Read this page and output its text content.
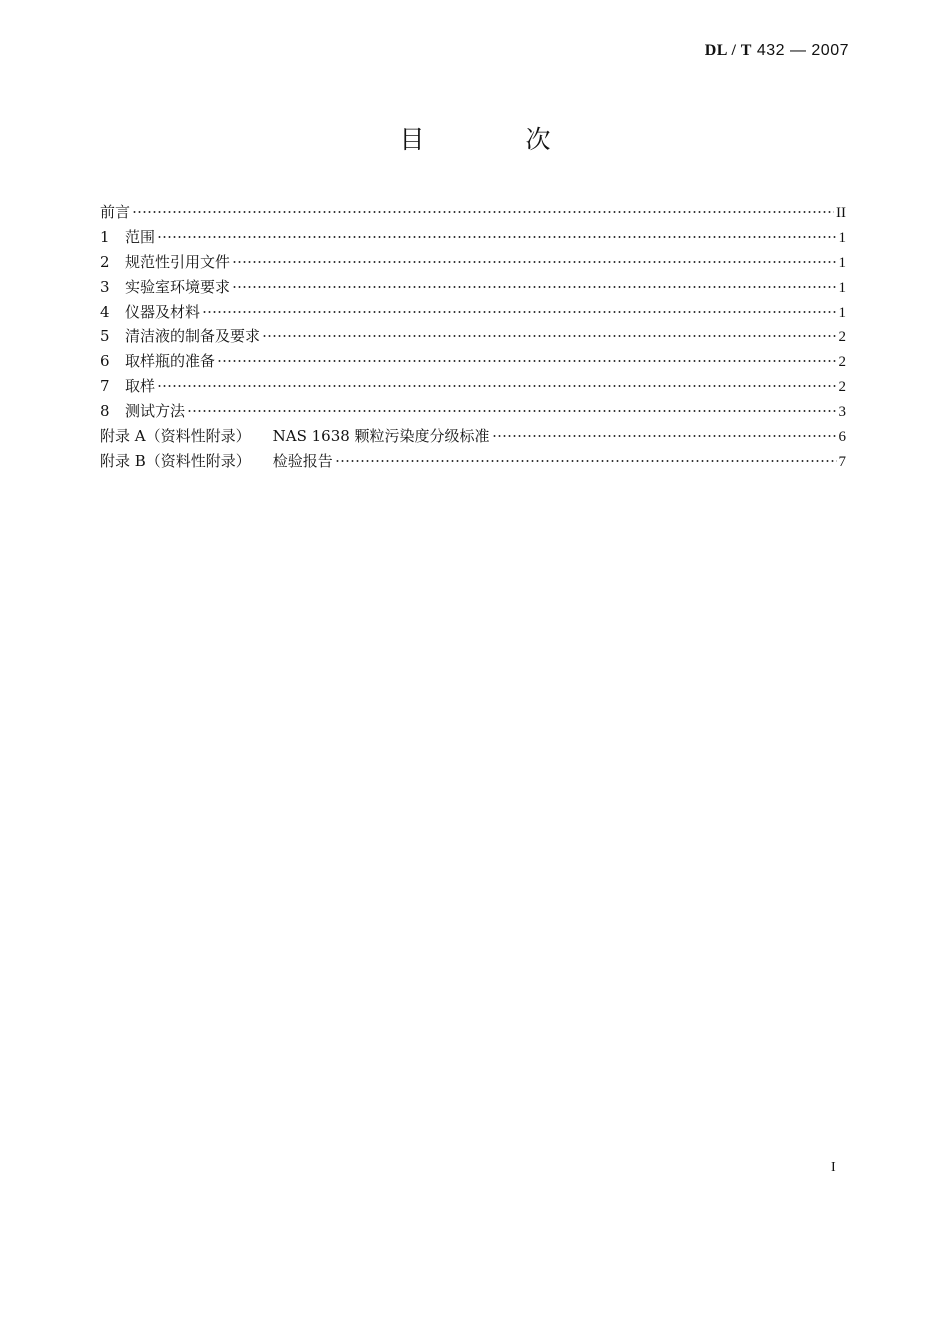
DL / T 432 — 2007
目　次
前言	II
1	范围	1
2	规范性引用文件	1
3	实验室环境要求	1
4	仪器及材料	1
5	清洁液的制备及要求	2
6	取样瓶的准备	2
7	取样	2
8	测试方法	3
附录 A（资料性附录） NAS 1638 颗粒污染度分级标准	6
附录 B（资料性附录） 检验报告	7
I
